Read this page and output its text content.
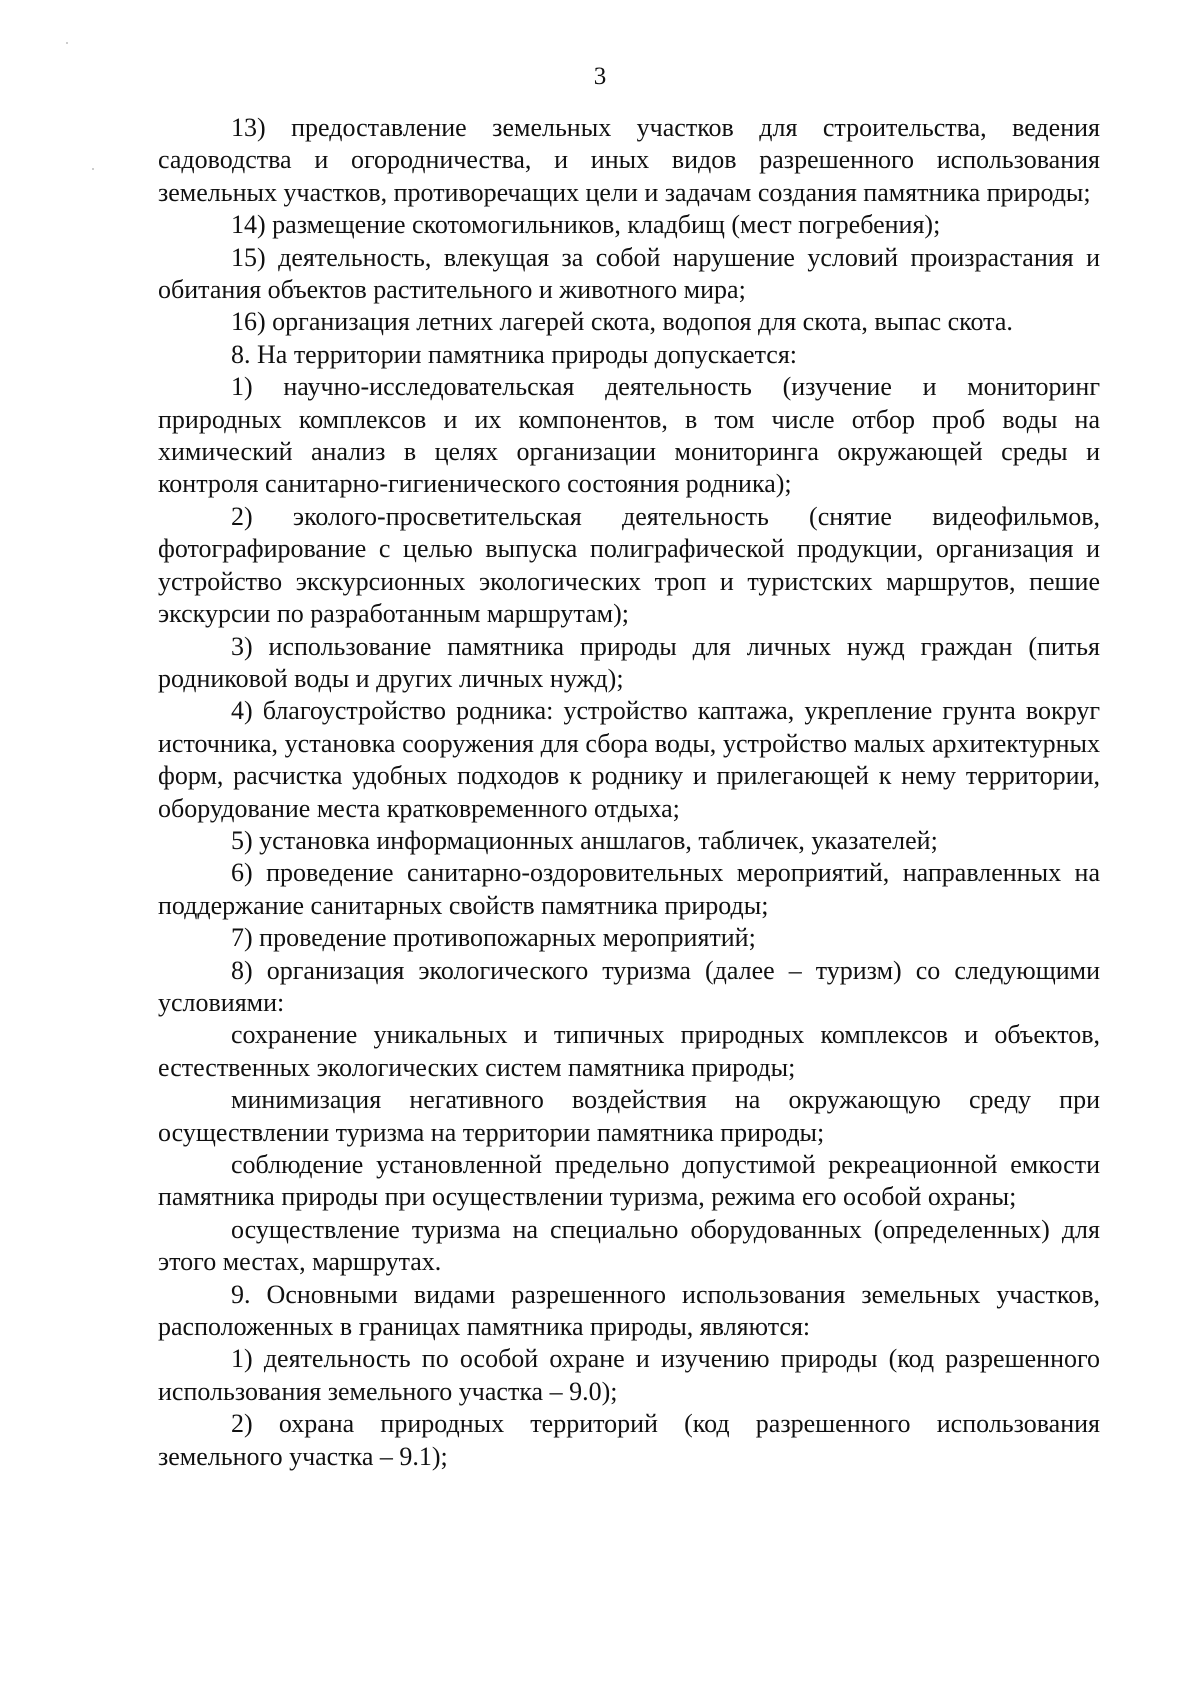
3

13) предоставление земельных участков для строительства, ведения садоводства и огородничества, и иных видов разрешенного использования земельных участков, противоречащих цели и задачам создания памятника природы;

14) размещение скотомогильников, кладбищ (мест погребения);

15) деятельность, влекущая за собой нарушение условий произрастания и обитания объектов растительного и животного мира;

16) организация летних лагерей скота, водопоя для скота, выпас скота.

8. На территории памятника природы допускается:

1) научно-исследовательская деятельность (изучение и мониторинг природных комплексов и их компонентов, в том числе отбор проб воды на химический анализ в целях организации мониторинга окружающей среды и контроля санитарно-гигиенического состояния родника);

2) эколого-просветительская деятельность (снятие видеофильмов, фотографирование с целью выпуска полиграфической продукции, организация и устройство экскурсионных экологических троп и туристских маршрутов, пешие экскурсии по разработанным маршрутам);

3) использование памятника природы для личных нужд граждан (питья родниковой воды и других личных нужд);

4) благоустройство родника: устройство каптажа, укрепление грунта вокруг источника, установка сооружения для сбора воды, устройство малых архитектурных форм, расчистка удобных подходов к роднику и прилегающей к нему территории, оборудование места кратковременного отдыха;

5) установка информационных аншлагов, табличек, указателей;

6) проведение санитарно-оздоровительных мероприятий, направленных на поддержание санитарных свойств памятника природы;

7) проведение противопожарных мероприятий;

8) организация экологического туризма (далее – туризм) со следующими условиями:

сохранение уникальных и типичных природных комплексов и объектов, естественных экологических систем памятника природы;

минимизация негативного воздействия на окружающую среду при осуществлении туризма на территории памятника природы;

соблюдение установленной предельно допустимой рекреационной емкости памятника природы при осуществлении туризма, режима его особой охраны;

осуществление туризма на специально оборудованных (определенных) для этого местах, маршрутах.

9. Основными видами разрешенного использования земельных участков, расположенных в границах памятника природы, являются:

1) деятельность по особой охране и изучению природы (код разрешенного использования земельного участка – 9.0);

2) охрана природных территорий (код разрешенного использования земельного участка – 9.1);
